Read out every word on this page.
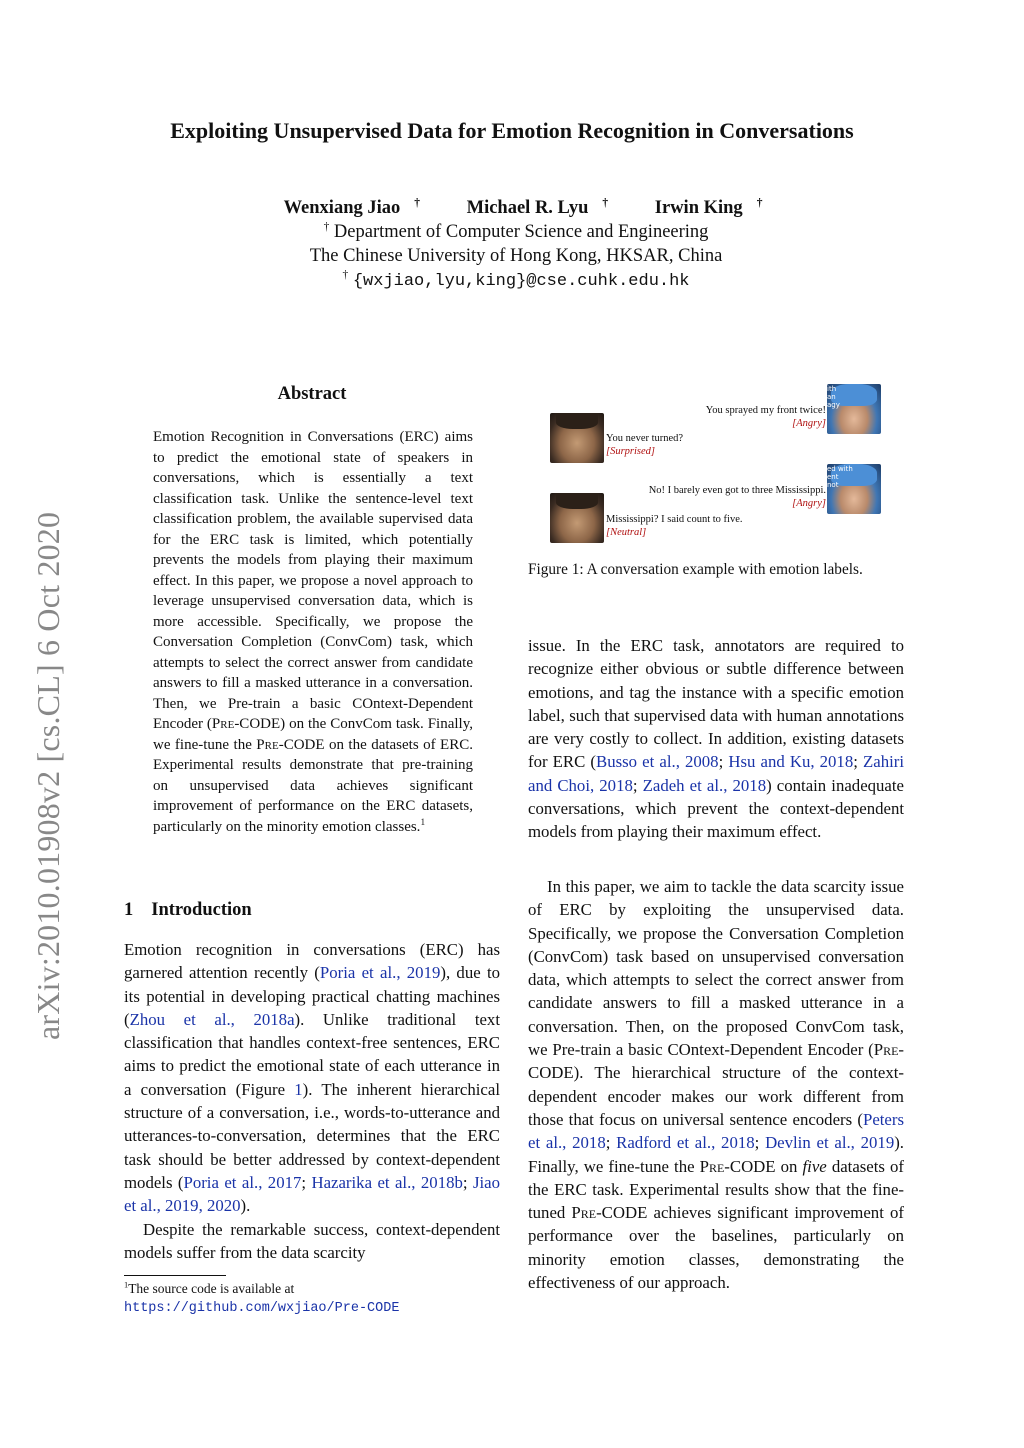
Exploiting Unsupervised Data for Emotion Recognition in Conversations
Wenxiang Jiao †	Michael R. Lyu †	Irwin King †
† Department of Computer Science and Engineering
The Chinese University of Hong Kong, HKSAR, China
† {wxjiao,lyu,king}@cse.cuhk.edu.hk
arXiv:2010.01908v2 [cs.CL] 6 Oct 2020
Abstract
Emotion Recognition in Conversations (ERC) aims to predict the emotional state of speakers in conversations, which is essentially a text classification task. Unlike the sentence-level text classification problem, the available supervised data for the ERC task is limited, which potentially prevents the models from playing their maximum effect. In this paper, we propose a novel approach to leverage unsupervised conversation data, which is more accessible. Specifically, we propose the Conversation Completion (ConvCom) task, which attempts to select the correct answer from candidate answers to fill a masked utterance in a conversation. Then, we Pre-train a basic COntext-Dependent Encoder (Pre-CODE) on the ConvCom task. Finally, we fine-tune the Pre-CODE on the datasets of ERC. Experimental results demonstrate that pre-training on unsupervised data achieves significant improvement of performance on the ERC datasets, particularly on the minority emotion classes.$^1$
1 Introduction
Emotion recognition in conversations (ERC) has garnered attention recently (Poria et al., 2019), due to its potential in developing practical chatting machines (Zhou et al., 2018a). Unlike traditional text classification that handles context-free sentences, ERC aims to predict the emotional state of each utterance in a conversation (Figure 1). The inherent hierarchical structure of a conversation, i.e., words-to-utterance and utterances-to-conversation, determines that the ERC task should be better addressed by context-dependent models (Poria et al., 2017; Hazarika et al., 2018b; Jiao et al., 2019, 2020).
Despite the remarkable success, context-dependent models suffer from the data scarcity
$^1$The source code is available at https://github.com/wxjiao/Pre-CODE
ith
an
agy
You sprayed my front twice!
[Angry]
You never turned?
[Surprised]
ed with
ent
not
No! I barely even got to three Mississippi.
[Angry]
Mississippi? I said count to five.
[Neutral]
Figure 1: A conversation example with emotion labels.
issue. In the ERC task, annotators are required to recognize either obvious or subtle difference between emotions, and tag the instance with a specific emotion label, such that supervised data with human annotations are very costly to collect. In addition, existing datasets for ERC (Busso et al., 2008; Hsu and Ku, 2018; Zahiri and Choi, 2018; Zadeh et al., 2018) contain inadequate conversations, which prevent the context-dependent models from playing their maximum effect.
In this paper, we aim to tackle the data scarcity issue of ERC by exploiting the unsupervised data. Specifically, we propose the Conversation Completion (ConvCom) task based on unsupervised conversation data, which attempts to select the correct answer from candidate answers to fill a masked utterance in a conversation. Then, on the proposed ConvCom task, we Pre-train a basic COntext-Dependent Encoder (Pre-CODE). The hierarchical structure of the context-dependent encoder makes our work different from those that focus on universal sentence encoders (Peters et al., 2018; Radford et al., 2018; Devlin et al., 2019). Finally, we fine-tune the Pre-CODE on five datasets of the ERC task. Experimental results show that the fine-tuned Pre-CODE achieves significant improvement of performance over the baselines, particularly on minority emotion classes, demonstrating the effectiveness of our approach.
